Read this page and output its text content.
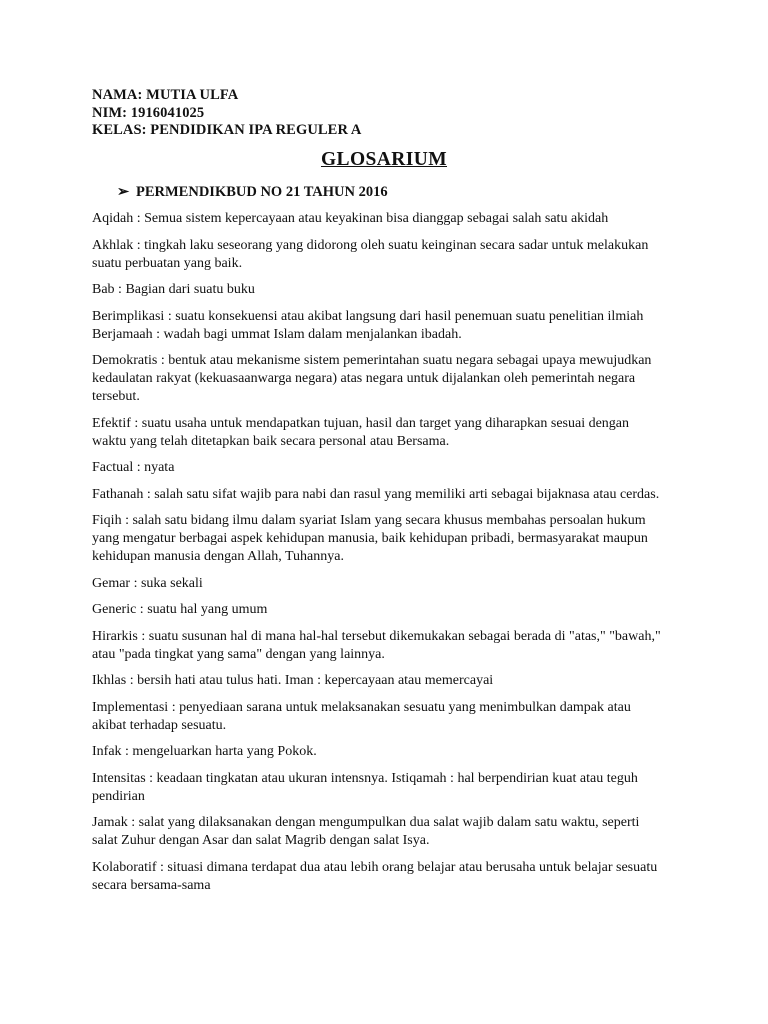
NAMA: MUTIA ULFA
NIM: 1916041025
KELAS: PENDIDIKAN IPA REGULER A
GLOSARIUM
➢ PERMENDIKBUD NO 21 TAHUN 2016
Aqidah : Semua sistem kepercayaan atau keyakinan bisa dianggap sebagai salah satu akidah
Akhlak : tingkah laku seseorang yang didorong oleh suatu keinginan secara sadar untuk melakukan
suatu perbuatan yang baik.
Bab : Bagian dari suatu buku
Berimplikasi : suatu konsekuensi atau akibat langsung dari hasil penemuan suatu penelitian ilmiah
Berjamaah : wadah bagi ummat Islam dalam menjalankan ibadah.
Demokratis : bentuk atau mekanisme sistem pemerintahan suatu negara sebagai upaya mewujudkan
kedaulatan rakyat (kekuasaanwarga negara) atas negara untuk dijalankan oleh pemerintah negara
tersebut.
Efektif : suatu usaha untuk mendapatkan tujuan, hasil dan target yang diharapkan sesuai dengan
waktu yang telah ditetapkan baik secara personal atau Bersama.
Factual : nyata
Fathanah : salah satu sifat wajib para nabi dan rasul yang memiliki arti sebagai bijaknasa atau cerdas.
Fiqih : salah satu bidang ilmu dalam syariat Islam yang secara khusus membahas persoalan hukum
yang mengatur berbagai aspek kehidupan manusia, baik kehidupan pribadi, bermasyarakat maupun
kehidupan manusia dengan Allah, Tuhannya.
Gemar : suka sekali
Generic : suatu hal yang umum
Hirarkis : suatu susunan hal di mana hal-hal tersebut dikemukakan sebagai berada di "atas," "bawah,"
atau "pada tingkat yang sama" dengan yang lainnya.
Ikhlas : bersih hati atau tulus hati. Iman : kepercayaan atau memercayai
Implementasi : penyediaan sarana untuk melaksanakan sesuatu yang menimbulkan dampak atau
akibat terhadap sesuatu.
Infak : mengeluarkan harta yang Pokok.
Intensitas : keadaan tingkatan atau ukuran intensnya. Istiqamah : hal berpendirian kuat atau teguh
pendirian
Jamak : salat yang dilaksanakan dengan mengumpulkan dua salat wajib dalam satu waktu, seperti
salat Zuhur dengan Asar dan salat Magrib dengan salat Isya.
Kolaboratif : situasi dimana terdapat dua atau lebih orang belajar atau berusaha untuk belajar sesuatu
secara bersama-sama
